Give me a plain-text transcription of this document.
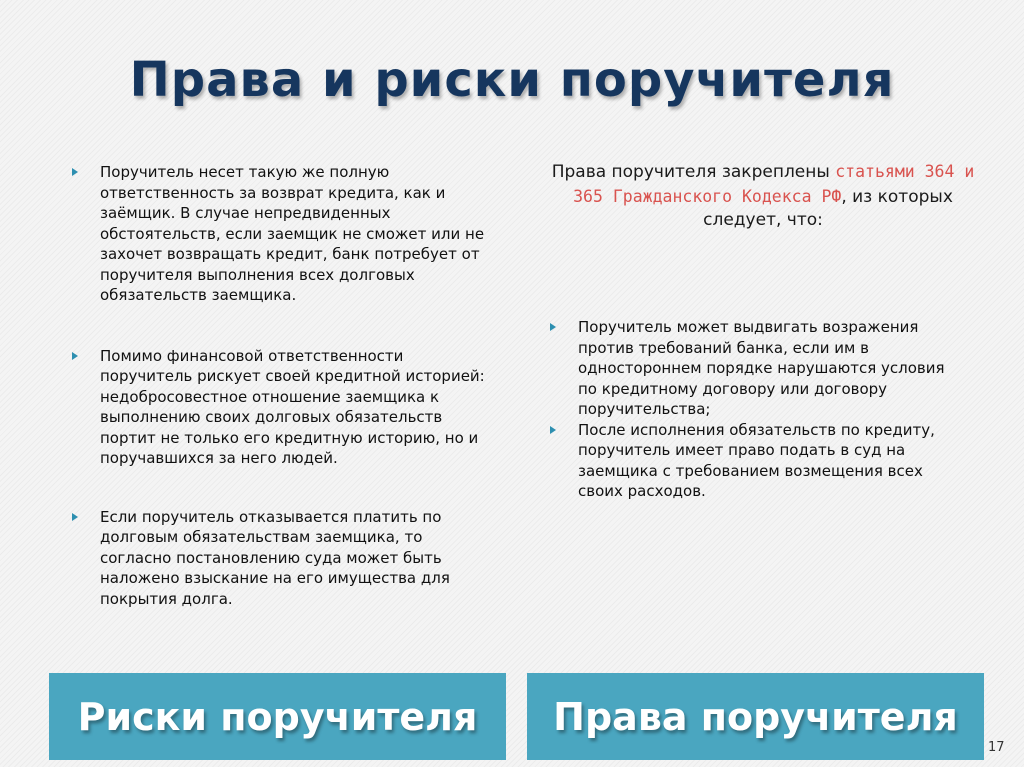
Права и риски поручителя
Поручитель несет такую же полную ответственность за возврат кредита, как и заёмщик. В случае непредвиденных обстоятельств, если заемщик не сможет или не захочет возвращать кредит, банк потребует от поручителя выполнения всех долговых обязательств заемщика.
Помимо финансовой ответственности поручитель рискует своей кредитной историей: недобросовестное отношение заемщика к выполнению своих долговых обязательств портит не только его кредитную историю, но и поручавшихся за него людей.
Если поручитель отказывается платить по долговым обязательствам заемщика, то согласно постановлению суда может быть наложено взыскание на его имущества для покрытия долга.
Права поручителя закреплены статьями 364 и 365 Гражданского Кодекса РФ, из которых следует, что:
Поручитель может выдвигать возражения против требований банка, если им в одностороннем порядке нарушаются условия по кредитному договору или договору поручительства;
После исполнения обязательств по кредиту, поручитель имеет право подать в суд на заемщика с требованием возмещения всех своих расходов.
Риски поручителя Права поручителя
17
